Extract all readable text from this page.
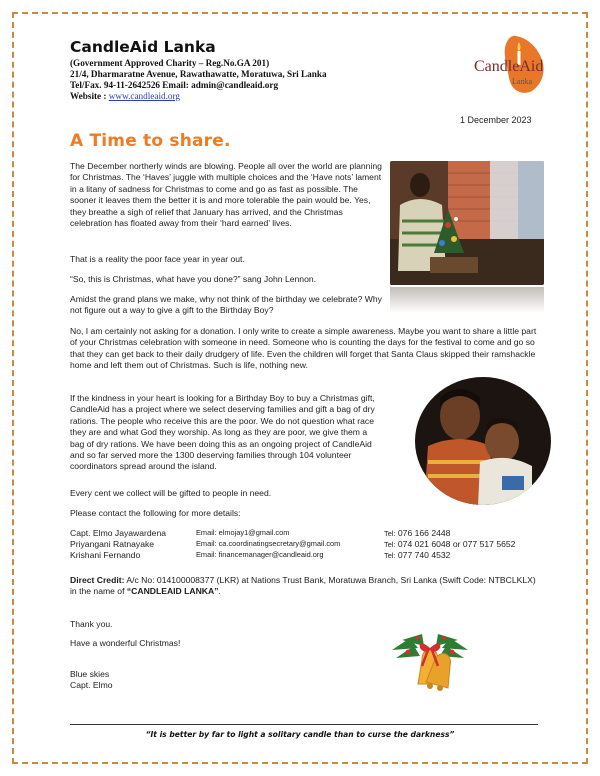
CandleAid Lanka
(Government Approved Charity – Reg.No.GA 201)
21/4, Dharmaratne Avenue, Rawathawatte, Moratuwa, Sri Lanka
Tel/Fax. 94-11-2642526 Email: admin@candleaid.org
Website : www.candleaid.org
CandleAid
Lanka
1 December 2023
A Time to share.
The December northerly winds are blowing. People all over the world are planning for Christmas. The ‘Haves’ juggle with multiple choices and the ‘Have nots’ lament in a litany of sadness for Christmas to come and go as fast as possible. The sooner it leaves them the better it is and more tolerable the pain would be. Yes, they breathe a sigh of relief that January has arrived, and the Christmas celebration has floated away from their ‘hard earned’ lives.
That is a reality the poor face year in year out.
“So, this is Christmas, what have you done?” sang John Lennon.
Amidst the grand plans we make, why not think of the birthday we celebrate? Why not figure out a way to give a gift to the Birthday Boy?
No, I am certainly not asking for a donation. I only write to create a simple awareness. Maybe you want to share a little part of your Christmas celebration with someone in need. Someone who is counting the days for the festival to come and go so that they can get back to their daily drudgery of life. Even the children will forget that Santa Claus skipped their ramshackle home and left them out of Christmas. Such is life, nothing new.
If the kindness in your heart is looking for a Birthday Boy to buy a Christmas gift, CandleAid has a project where we select deserving families and gift a bag of dry rations. The people who receive this are the poor. We do not question what race they are and what God they worship. As long as they are poor, we give them a bag of dry rations. We have been doing this as an ongoing project of CandleAid and so far served more the 1300 deserving families through 104 volunteer coordinators spread around the island.
Every cent we collect will be gifted to people in need.
Please contact the following for more details:
Capt. Elmo Jayawardena	Email: elmojay1@gmail.com	Tel: 076 166 2448
Priyangani Ratnayake	Email: ca.coordinatingsecretary@gmail.com	Tel: 074 021 6048 or 077 517 5652
Krishani Fernando	Email: financemanager@candleaid.org	Tel: 077 740 4532
Direct Credit: A/c No: 014100008377 (LKR) at Nations Trust Bank, Moratuwa Branch, Sri Lanka (Swift Code: NTBCLKLX) in the name of “CANDLEAID LANKA”.
Thank you.
Have a wonderful Christmas!
Blue skies
Capt. Elmo
“It is better by far to light a solitary candle than to curse the darkness”
